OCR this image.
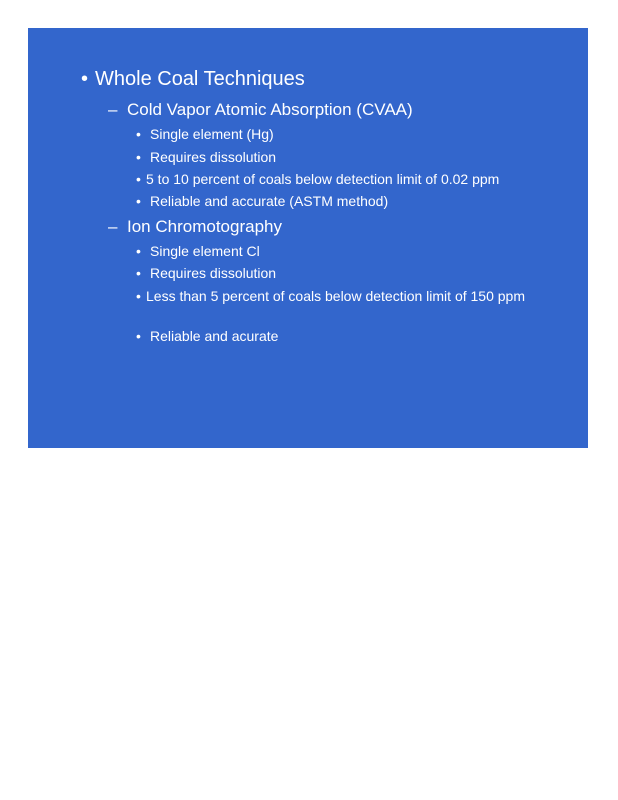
• Whole Coal Techniques
– Cold Vapor Atomic Absorption (CVAA)
• Single element (Hg)
• Requires dissolution
• 5 to 10 percent of coals below detection limit of 0.02 ppm
• Reliable and accurate (ASTM method)
– Ion Chromotography
• Single element Cl
• Requires dissolution
• Less than 5 percent of coals below detection limit of 150 ppm
• Reliable and acurate
